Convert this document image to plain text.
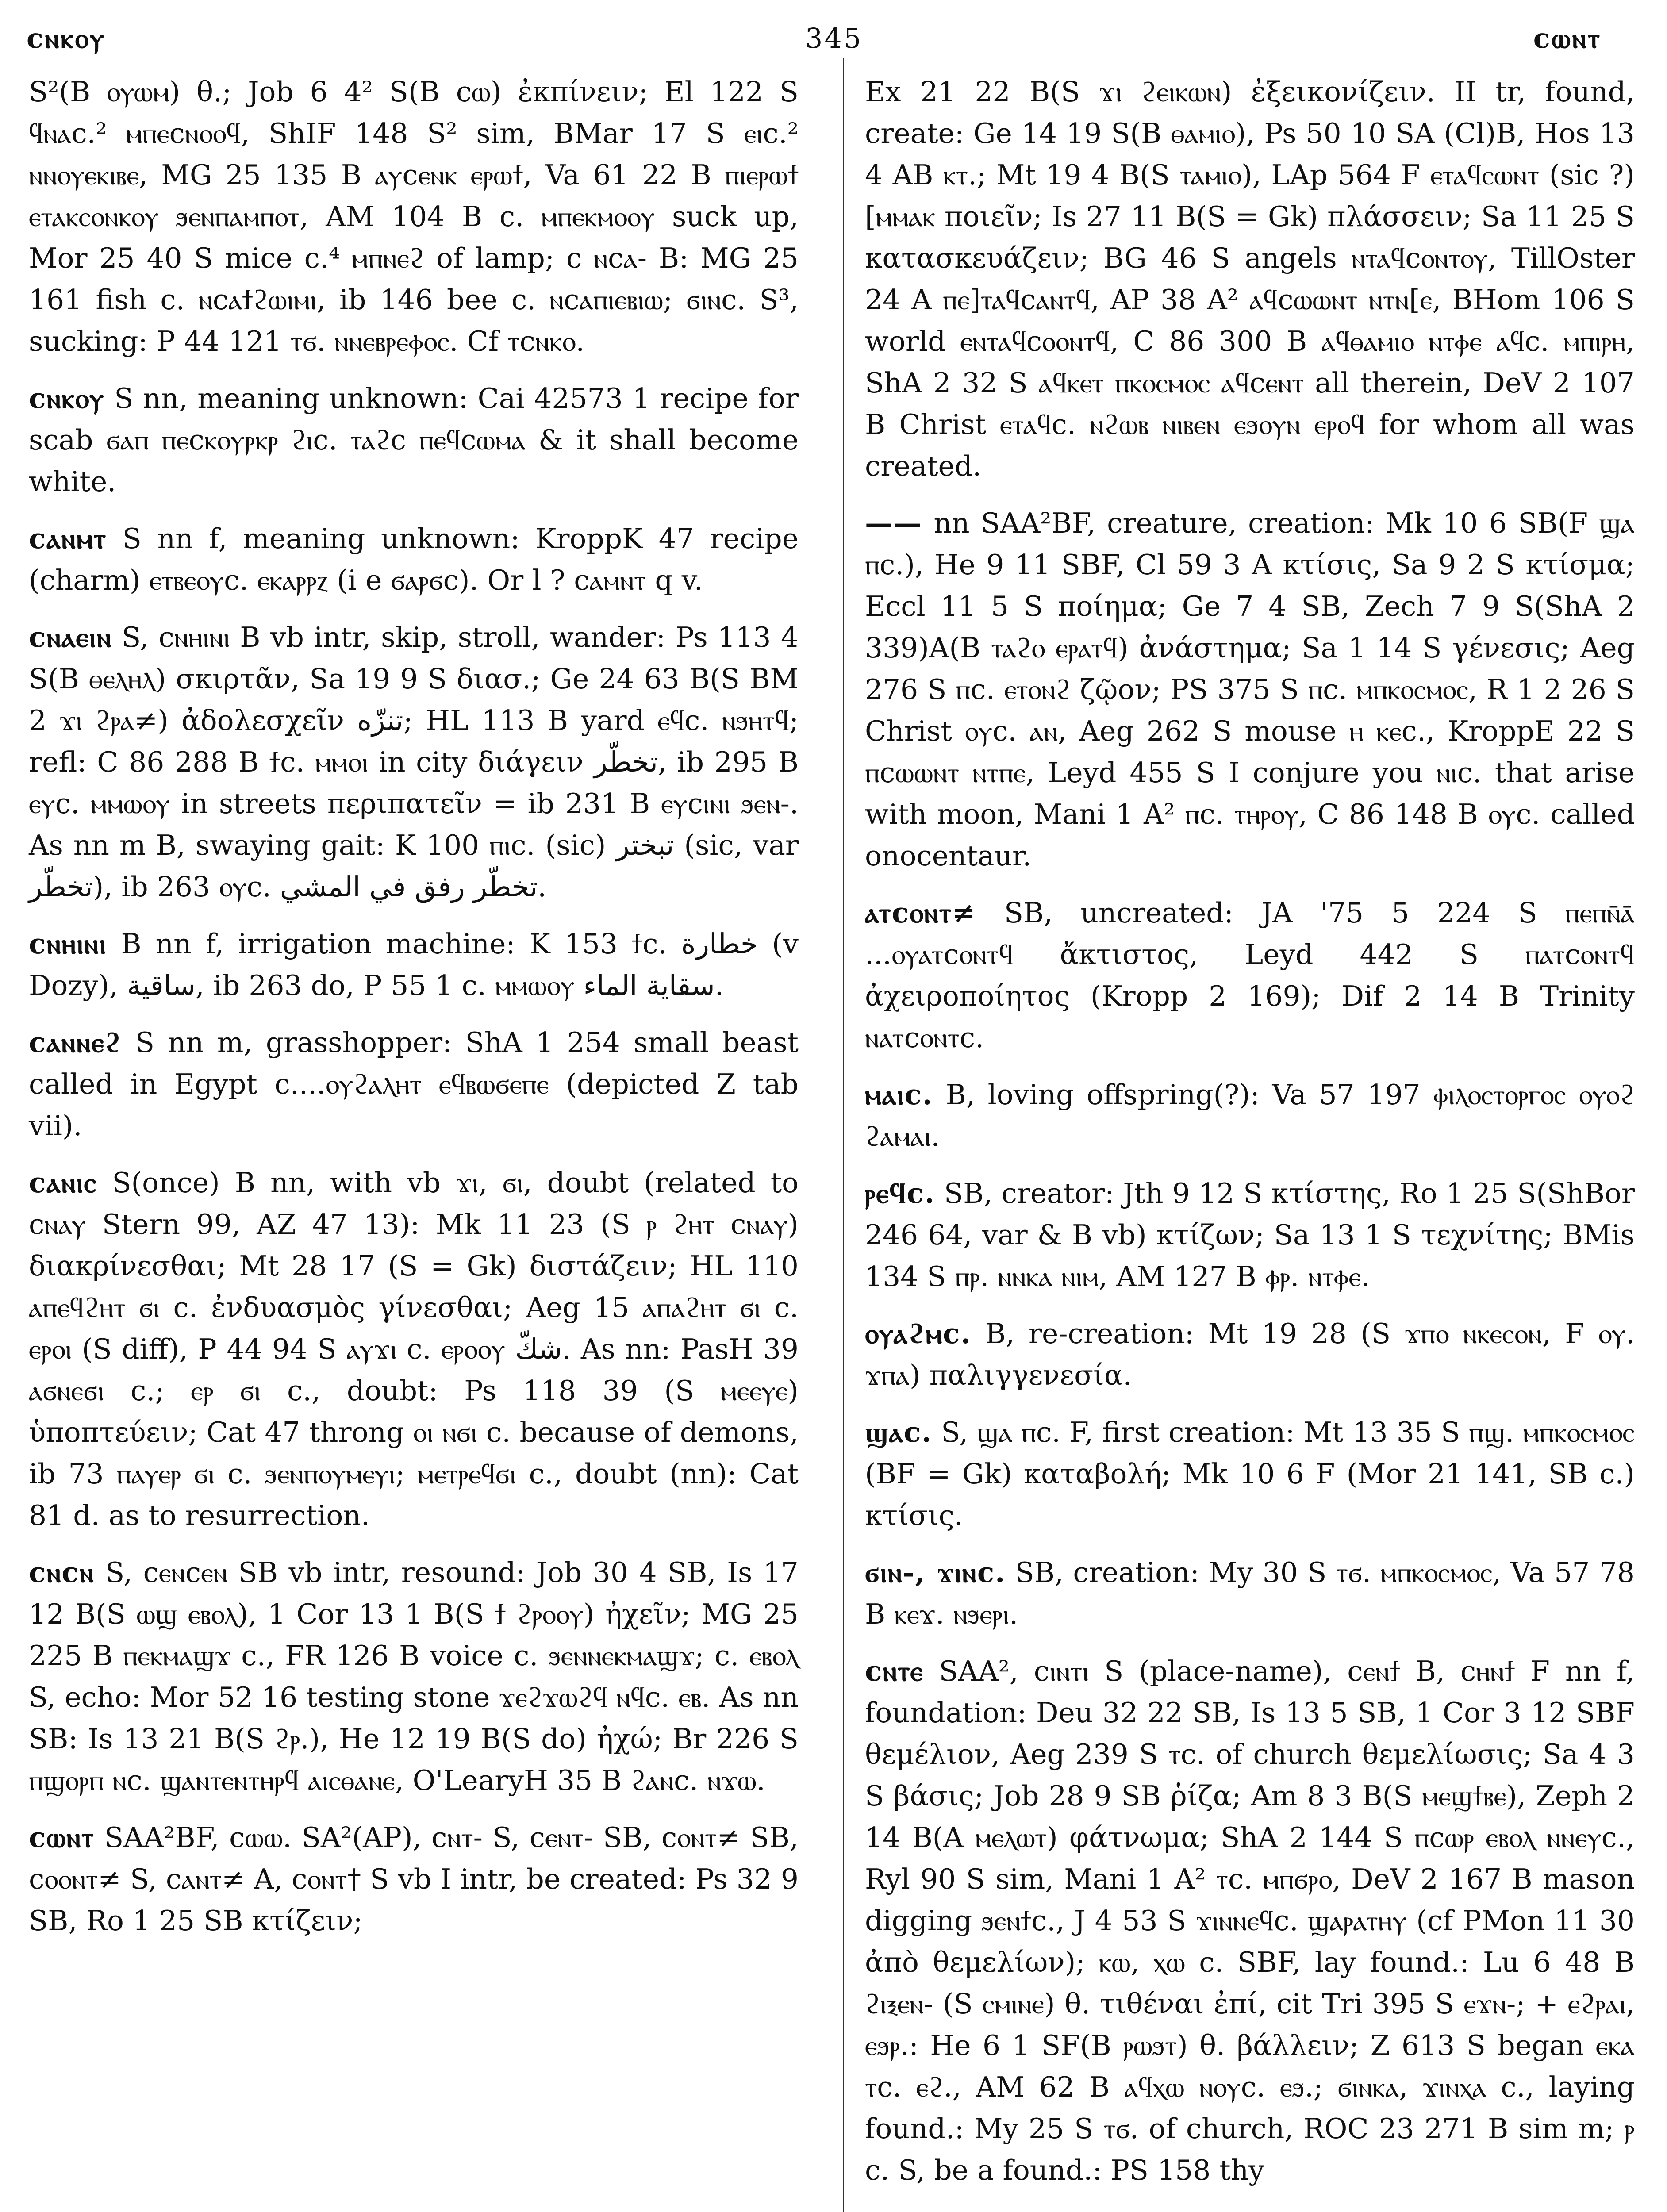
ϲⲛⲕⲟⲩ	345	ϲⲱⲛⲧ

S²(B ⲟⲩⲱⲙ) θ.; Job 6 4² S(B ϲⲱ) ἐκπίνειν; El 122 S ϥⲛⲁϲ.² ⲙⲡⲉϲⲛⲟⲟϥ, ShIF 148 S² sim, BMar 17 S ⲉⲓϲ.² ⲛⲛⲟⲩⲉⲕⲓⲃⲉ, MG 25 135 B ⲁⲩϲⲉⲛⲕ ⲉⲣⲱϯ, Va 61 22 B ⲡⲓⲉⲣⲱϯ ⲉⲧⲁⲕⲥⲟⲛⲕⲟⲩ ϧⲉⲛⲡⲁⲙⲡⲟⲧ, AM 104 B ϲ. ⲙⲡⲉⲕⲙⲟⲟⲩ suck up, Mor 25 40 S mice ϲ.⁴ ⲙⲡⲛⲉϩ of lamp; ϲ ⲛϲⲁ- B: MG 25 161 fish ϲ. ⲛϲⲁϯϩⲱⲓⲙⲓ, ib 146 bee ϲ. ⲛϲⲁⲡⲓⲉⲃⲓⲱ; ϭⲓⲛϲ. S³, sucking: P 44 121 ⲧϭ. ⲛⲛⲉⲃⲣⲉⲫⲟⲥ. Cf ⲧϲⲛⲕⲟ.

ϲⲛⲕⲟⲩ S nn, meaning unknown: Cai 42573 1 recipe for scab ϭⲁⲡ ⲡⲉϲⲕⲟⲩⲣⲕⲣ ϩⲓϲ. ⲧⲁϩϲ ⲡⲉϥϲⲱⲙⲁ & it shall become white.

ϲⲁⲛⲙⲧ S nn f, meaning unknown: KroppK 47 recipe (charm) ⲉⲧⲃⲉⲟⲩϲ. ⲉⲕⲁⲣⲣⲍ (i e ϭⲁⲣϭϲ). Or l ? ϲⲁⲙⲛⲧ q v.

ϲⲛⲁⲉⲓⲛ S, ϲⲛⲏⲓⲛⲓ B vb intr, skip, stroll, wander: Ps 113 4 S(B ⲑⲉⲗⲏⲗ) σκιρτᾶν, Sa 19 9 S διασ.; Ge 24 63 B(S BM 2 ϫⲓ ϩⲣⲁ≠) ἀδολεσχεῖν تنزّه; HL 113 B yard ⲉϥϲ. ⲛϧⲏⲧϥ; refl: C 86 288 B ϯϲ. ⲙⲙⲟⲓ in city διάγειν تخطّر, ib 295 B ⲉⲩϲ. ⲙⲙⲱⲟⲩ in streets περιπατεῖν = ib 231 B ⲉⲩϲⲓⲛⲓ ϧⲉⲛ-. As nn m B, swaying gait: K 100 ⲡⲓϲ. (sic) تبختر (sic, var تخطّر), ib 263 ⲟⲩϲ. تخطّر رفق في المشي.

ϲⲛⲏⲓⲛⲓ B nn f, irrigation machine: K 153 ϯϲ. خطارة (v Dozy), ساقية, ib 263 do, P 55 1 ϲ. ⲙⲙⲱⲟⲩ سقاية الماء.

ϲⲁⲛⲛⲉϩ S nn m, grasshopper: ShA 1 254 small beast called in Egypt ϲ....ⲟⲩϩⲁⲗⲏⲧ ⲉϥⲃⲱϭⲉⲡⲉ (depicted Z tab vii).

ϲⲁⲛⲓⲥ S(once) B nn, with vb ϫⲓ, ϭⲓ, doubt (related to ϲⲛⲁⲩ Stern 99, AZ 47 13): Mk 11 23 (S ⲣ ϩⲏⲧ ϲⲛⲁⲩ) διακρίνεσθαι; Mt 28 17 (S = Gk) διστάζειν; HL 110 ⲁⲡⲉϥϩⲏⲧ ϭⲓ ϲ. ἐνδυασμὸς γίνεσθαι; Aeg 15 ⲁⲡⲁϩⲏⲧ ϭⲓ ϲ. ⲉⲣⲟⲓ (S diff), P 44 94 S ⲁⲩϫⲓ ϲ. ⲉⲣⲟⲟⲩ شكّ. As nn: PasH 39 ⲁϭⲛⲉϭⲓ ϲ.; ⲉⲣ ϭⲓ ϲ., doubt: Ps 118 39 (S ⲙⲉⲉⲩⲉ) ὑποπτεύειν; Cat 47 throng ⲟⲓ ⲛϭⲓ ϲ. because of demons, ib 73 ⲡⲁⲩⲉⲣ ϭⲓ ϲ. ϧⲉⲛⲡⲟⲩⲙⲉⲩⲓ; ⲙⲉⲧⲣⲉϥϭⲓ ϲ., doubt (nn): Cat 81 d. as to resurrection.

ϲⲛϲⲛ S, ϲⲉⲛϲⲉⲛ SB vb intr, resound: Job 30 4 SB, Is 17 12 B(S ⲱϣ ⲉⲃⲟⲗ), 1 Cor 13 1 B(S ϯ ϩⲣⲟⲟⲩ) ἠχεῖν; MG 25 225 B ⲡⲉⲕⲙⲁϣϫ ϲ., FR 126 B voice ϲ. ϧⲉⲛⲛⲉⲕⲙⲁϣϫ; ϲ. ⲉⲃⲟⲗ S, echo: Mor 52 16 testing stone ϫⲉϩϫⲱϩϥ ⲛϥϲ. ⲉⲃ. As nn SB: Is 13 21 B(S ϩⲣ.), He 12 19 B(S do) ἠχώ; Br 226 S ⲡϣⲟⲣⲡ ⲛϲ. ϣⲁⲛⲧⲉⲛⲧⲏⲣϥ ⲁⲓⲥⲑⲁⲛⲉ, O'LearyH 35 B ϩⲁⲛϲ. ⲛϫⲱ.

ϲⲱⲛⲧ SAA²BF, ϲⲱⲱ. SA²(AP), ϲⲛⲧ- S, ϲⲉⲛⲧ- SB, ϲⲟⲛⲧ≠ SB, ϲⲟⲟⲛⲧ≠ S, ϲⲁⲛⲧ≠ A, ϲⲟⲛⲧ† S vb I intr, be created: Ps 32 9 SB, Ro 1 25 SB κτίζειν;

Ex 21 22 B(S ϫⲓ ϩⲉⲓⲕⲱⲛ) ἐξεικονίζειν. II tr, found, create: Ge 14 19 S(B ⲑⲁⲙⲓⲟ), Ps 50 10 SA (Cl)B, Hos 13 4 AB ⲕⲧ.; Mt 19 4 B(S ⲧⲁⲙⲓⲟ), LAp 564 F ⲉⲧⲁϥⲥⲱⲛⲧ (sic ?) [ⲙⲙⲁⲕ ποιεῖν; Is 27 11 B(S = Gk) πλάσσειν; Sa 11 25 S κατασκευάζειν; BG 46 S angels ⲛⲧⲁϥϲⲟⲛⲧⲟⲩ, TillOster 24 A ⲡⲉ]ⲧⲁϥϲⲁⲛⲧϥ, AP 38 A² ⲁϥϲⲱⲱⲛⲧ ⲛⲧⲛ[ⲉ, BHom 106 S world ⲉⲛⲧⲁϥϲⲟⲟⲛⲧϥ, C 86 300 B ⲁϥⲑⲁⲙⲓⲟ ⲛⲧⲫⲉ ⲁϥϲ. ⲙⲡⲓⲣⲏ, ShA 2 32 S ⲁϥⲕⲉⲧ ⲡⲕⲟⲥⲙⲟⲥ ⲁϥϲⲉⲛⲧ all therein, DeV 2 107 B Christ ⲉⲧⲁϥϲ. ⲛϩⲱⲃ ⲛⲓⲃⲉⲛ ⲉϧⲟⲩⲛ ⲉⲣⲟϥ for whom all was created.

—— nn SAA²BF, creature, creation: Mk 10 6 SB(F ϣⲁ ⲡϲ.), He 9 11 SBF, Cl 59 3 A κτίσις, Sa 9 2 S κτίσμα; Eccl 11 5 S ποίημα; Ge 7 4 SB, Zech 7 9 S(ShA 2 339)A(B ⲧⲁϩⲟ ⲉⲣⲁⲧϥ) ἀνάστημα; Sa 1 14 S γένεσις; Aeg 276 S ⲡϲ. ⲉⲧⲟⲛϩ ζῷον; PS 375 S ⲡϲ. ⲙⲡⲕⲟⲥⲙⲟⲥ, R 1 2 26 S Christ ⲟⲩϲ. ⲁⲛ, Aeg 262 S mouse ⲏ ⲕⲉϲ., KroppE 22 S ⲡϲⲱⲱⲛⲧ ⲛⲧⲡⲉ, Leyd 455 S I conjure you ⲛⲓϲ. that arise with moon, Mani 1 A² ⲡϲ. ⲧⲏⲣⲟⲩ, C 86 148 B ⲟⲩϲ. called onocentaur.

ⲁⲧϲⲟⲛⲧ≠ SB, uncreated: JA '75 5 224 S ⲡⲉⲡⲛ̄ⲁ̄ ...ⲟⲩⲁⲧϲⲟⲛⲧϥ ἄκτιστος, Leyd 442 S ⲡⲁⲧϲⲟⲛⲧϥ ἀχειροποίητος (Kropp 2 169); Dif 2 14 B Trinity ⲛⲁⲧϲⲟⲛⲧϲ.

ⲙⲁⲓϲ. B, loving offspring(?): Va 57 197 ⲫⲓⲗⲟⲥⲧⲟⲣⲅⲟⲥ ⲟⲩⲟϩ ϩⲁⲙⲁⲓ.

ⲣⲉϥϲ. SB, creator: Jth 9 12 S κτίστης, Ro 1 25 S(ShBor 246 64, var & B vb) κτίζων; Sa 13 1 S τεχνίτης; BMis 134 S ⲡⲣ. ⲛⲛⲕⲁ ⲛⲓⲙ, AM 127 B ⲫⲣ. ⲛⲧⲫⲉ.

ⲟⲩⲁϩⲙϲ. B, re-creation: Mt 19 28 (S ϫⲡⲟ ⲛⲕⲉⲥⲟⲛ, F ⲟⲩ. ϫⲡⲁ) παλιγγενεσία.

ϣⲁϲ. S, ϣⲁ ⲡϲ. F, first creation: Mt 13 35 S ⲡϣ. ⲙⲡⲕⲟⲥⲙⲟⲥ (BF = Gk) καταβολή; Mk 10 6 F (Mor 21 141, SB ϲ.) κτίσις.

ϭⲓⲛ-, ϫⲓⲛϲ. SB, creation: My 30 S ⲧϭ. ⲙⲡⲕⲟⲥⲙⲟⲥ, Va 57 78 B ⲕⲉϫ. ⲛϧⲉⲣⲓ.

ϲⲛⲧⲉ SAA², ϲⲓⲛⲧⲓ S (place-name), ϲⲉⲛϯ B, ϲⲏⲛϯ F nn f, foundation: Deu 32 22 SB, Is 13 5 SB, 1 Cor 3 12 SBF θεμέλιον, Aeg 239 S ⲧϲ. of church θεμελίωσις; Sa 4 3 S βάσις; Job 28 9 SB ῥίζα; Am 8 3 B(S ⲙⲉϣϯⲃⲉ), Zeph 2 14 B(A ⲙⲉⲗⲱⲧ) φάτνωμα; ShA 2 144 S ⲡϲⲱⲣ ⲉⲃⲟⲗ ⲛⲛⲉⲩϲ., Ryl 90 S sim, Mani 1 A² ⲧϲ. ⲙⲡϭⲣⲟ, DeV 2 167 B mason digging ϧⲉⲛϯϲ., J 4 53 S ϫⲓⲛⲛⲉϥϲ. ϣⲁⲣⲁⲧⲏⲩ (cf PMon 11 30 ἀπὸ θεμελίων); ⲕⲱ, ⲭⲱ ϲ. SBF, lay found.: Lu 6 48 B ϩⲓⲝⲉⲛ- (S ⲥⲙⲓⲛⲉ) θ. τιθέναι ἐπί, cit Tri 395 S ⲉϫⲛ-; + ⲉϩⲣⲁⲓ, ⲉϧⲣ.: He 6 1 SF(B ⲣⲱϧⲧ) θ. βάλλειν; Z 613 S began ⲉⲕⲁ ⲧϲ. ⲉϩ., AM 62 B ⲁϥⲭⲱ ⲛⲟⲩϲ. ⲉϧ.; ϭⲓⲛⲕⲁ, ϫⲓⲛⲭⲁ ϲ., laying found.: My 25 S ⲧϭ. of church, ROC 23 271 B sim m; ⲣ ϲ. S, be a found.: PS 158 thy
